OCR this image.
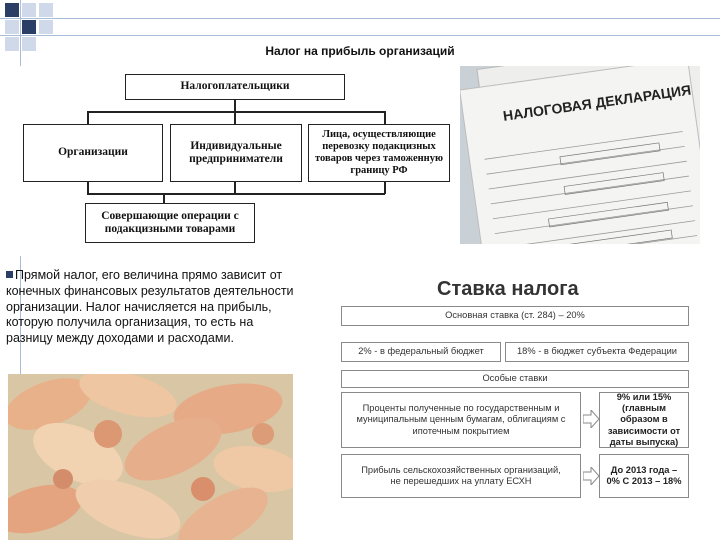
Налог на прибыль организаций
Налогоплательщики
Организации
Индивидуальные предприниматели
Лица, осуществляющие перевозку подакцизных товаров через таможенную границу РФ
Совершающие операции с подакцизными товарами
НАЛОГОВАЯ ДЕКЛАРАЦИЯ
Прямой налог, его величина прямо зависит от конечных финансовых результатов деятельности организации. Налог начисляется на прибыль, которую получила организация, то есть на разницу между доходами и расходами.
Ставка налога
Основная ставка (ст. 284) – 20%
2% - в федеральный бюджет	18% - в бюджет субъекта Федерации
Особые ставки
Проценты полученные по государственным и муниципальным ценным бумагам, облигациям с ипотечным покрытием
9% или 15% (главным образом в зависимости от даты выпуска)
Прибыль сельскохозяйственных организаций, не перешедших на уплату ЕСХН
До 2013 года – 0% С 2013 – 18%
